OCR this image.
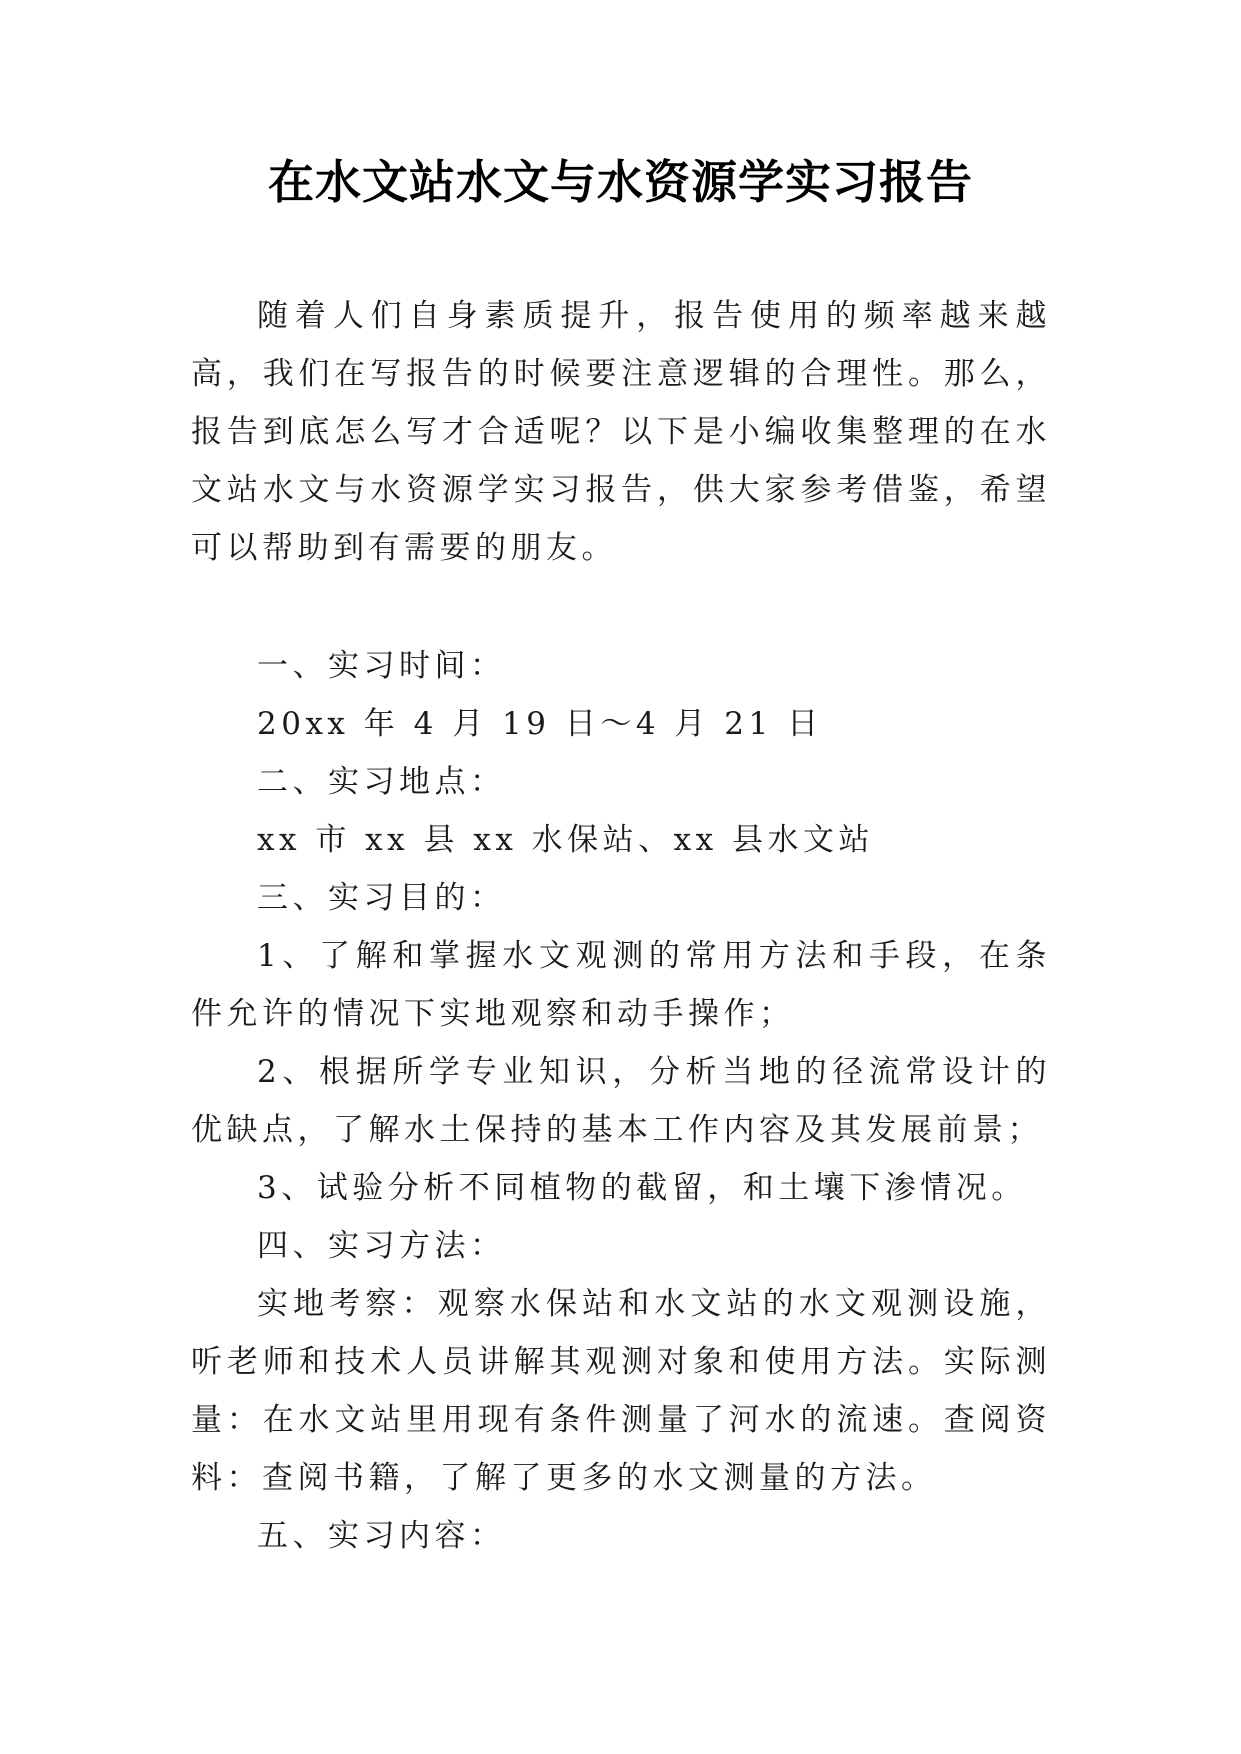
在水文站水文与水资源学实习报告

随着人们自身素质提升，报告使用的频率越来越高，我们在写报告的时候要注意逻辑的合理性。那么，报告到底怎么写才合适呢？以下是小编收集整理的在水文站水文与水资源学实习报告，供大家参考借鉴，希望可以帮助到有需要的朋友。

一、实习时间：

20xx 年 4 月 19 日～4 月 21 日

二、实习地点：

xx 市 xx 县 xx 水保站、xx 县水文站

三、实习目的：

1、了解和掌握水文观测的常用方法和手段，在条件允许的情况下实地观察和动手操作；

2、根据所学专业知识，分析当地的径流常设计的优缺点，了解水土保持的基本工作内容及其发展前景；

3、试验分析不同植物的截留，和土壤下渗情况。

四、实习方法：

实地考察：观察水保站和水文站的水文观测设施，听老师和技术人员讲解其观测对象和使用方法。实际测量：在水文站里用现有条件测量了河水的流速。查阅资料：查阅书籍，了解了更多的水文测量的方法。

五、实习内容：
